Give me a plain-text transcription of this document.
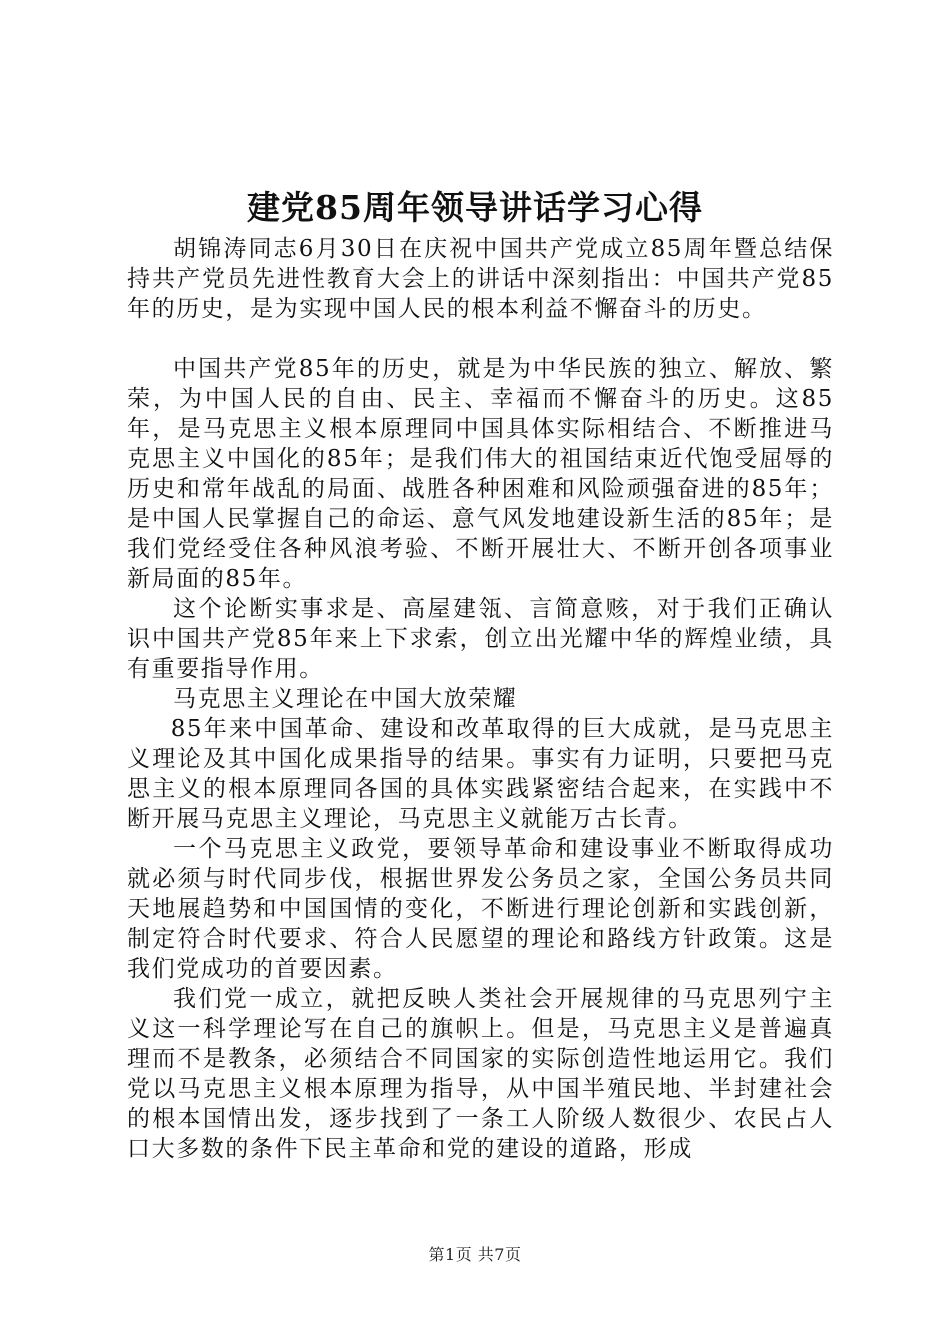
建党85周年领导讲话学习心得

胡锦涛同志6月30日在庆祝中国共产党成立85周年暨总结保持共产党员先进性教育大会上的讲话中深刻指出：中国共产党85年的历史，是为实现中国人民的根本利益不懈奋斗的历史。

中国共产党85年的历史，就是为中华民族的独立、解放、繁荣，为中国人民的自由、民主、幸福而不懈奋斗的历史。这85年，是马克思主义根本原理同中国具体实际相结合、不断推进马克思主义中国化的85年；是我们伟大的祖国结束近代饱受屈辱的历史和常年战乱的局面、战胜各种困难和风险顽强奋进的85年；是中国人民掌握自己的命运、意气风发地建设新生活的85年；是我们党经受住各种风浪考验、不断开展壮大、不断开创各项事业新局面的85年。

这个论断实事求是、高屋建瓴、言简意赅，对于我们正确认识中国共产党85年来上下求索，创立出光耀中华的辉煌业绩，具有重要指导作用。

马克思主义理论在中国大放荣耀

85年来中国革命、建设和改革取得的巨大成就，是马克思主义理论及其中国化成果指导的结果。事实有力证明，只要把马克思主义的根本原理同各国的具体实践紧密结合起来，在实践中不断开展马克思主义理论，马克思主义就能万古长青。

一个马克思主义政党，要领导革命和建设事业不断取得成功就必须与时代同步伐，根据世界发公务员之家，全国公务员共同天地展趋势和中国国情的变化，不断进行理论创新和实践创新，制定符合时代要求、符合人民愿望的理论和路线方针政策。这是我们党成功的首要因素。

我们党一成立，就把反映人类社会开展规律的马克思列宁主义这一科学理论写在自己的旗帜上。但是，马克思主义是普遍真理而不是教条，必须结合不同国家的实际创造性地运用它。我们党以马克思主义根本原理为指导，从中国半殖民地、半封建社会的根本国情出发，逐步找到了一条工人阶级人数很少、农民占人口大多数的条件下民主革命和党的建设的道路，形成

第1页 共7页
